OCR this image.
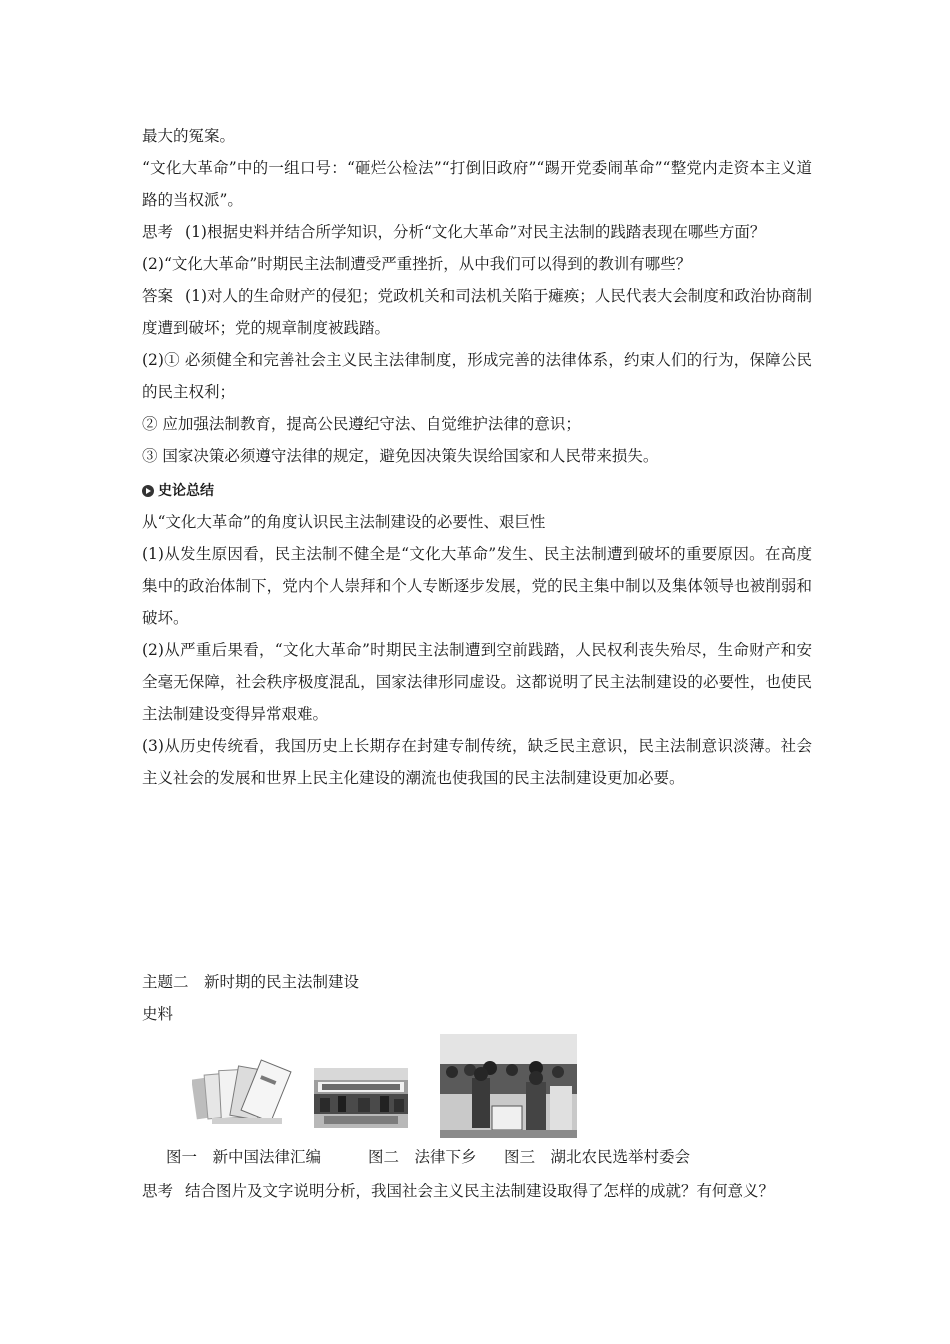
最大的冤案。

“文化大革命”中的一组口号：“砸烂公检法”“打倒旧政府”“踢开党委闹革命”“整党内走资本主义道路的当权派”。

思考 (1)根据史料并结合所学知识，分析“文化大革命”对民主法制的践踏表现在哪些方面？

(2)“文化大革命”时期民主法制遭受严重挫折，从中我们可以得到的教训有哪些？

答案 (1)对人的生命财产的侵犯；党政机关和司法机关陷于瘫痪；人民代表大会制度和政治协商制度遭到破坏；党的规章制度被践踏。

(2)① 必须健全和完善社会主义民主法律制度，形成完善的法律体系，约束人们的行为，保障公民的民主权利；

② 应加强法制教育，提高公民遵纪守法、自觉维护法律的意识；

③ 国家决策必须遵守法律的规定，避免因决策失误给国家和人民带来损失。

史论总结

从“文化大革命”的角度认识民主法制建设的必要性、艰巨性

(1)从发生原因看，民主法制不健全是“文化大革命”发生、民主法制遭到破坏的重要原因。在高度集中的政治体制下，党内个人崇拜和个人专断逐步发展，党的民主集中制以及集体领导也被削弱和破坏。

(2)从严重后果看，“文化大革命”时期民主法制遭到空前践踏，人民权利丧失殆尽，生命财产和安全毫无保障，社会秩序极度混乱，国家法律形同虚设。这都说明了民主法制建设的必要性，也使民主法制建设变得异常艰难。

(3)从历史传统看，我国历史上长期存在封建专制传统，缺乏民主意识，民主法制意识淡薄。社会主义社会的发展和世界上民主化建设的潮流也使我国的民主法制建设更加必要。

主题二　新时期的民主法制建设

史料

图一　新中国法律汇编	图二　法律下乡 图三　湖北农民选举村委会
思考 结合图片及文字说明分析，我国社会主义民主法制建设取得了怎样的成就？有何意义？
